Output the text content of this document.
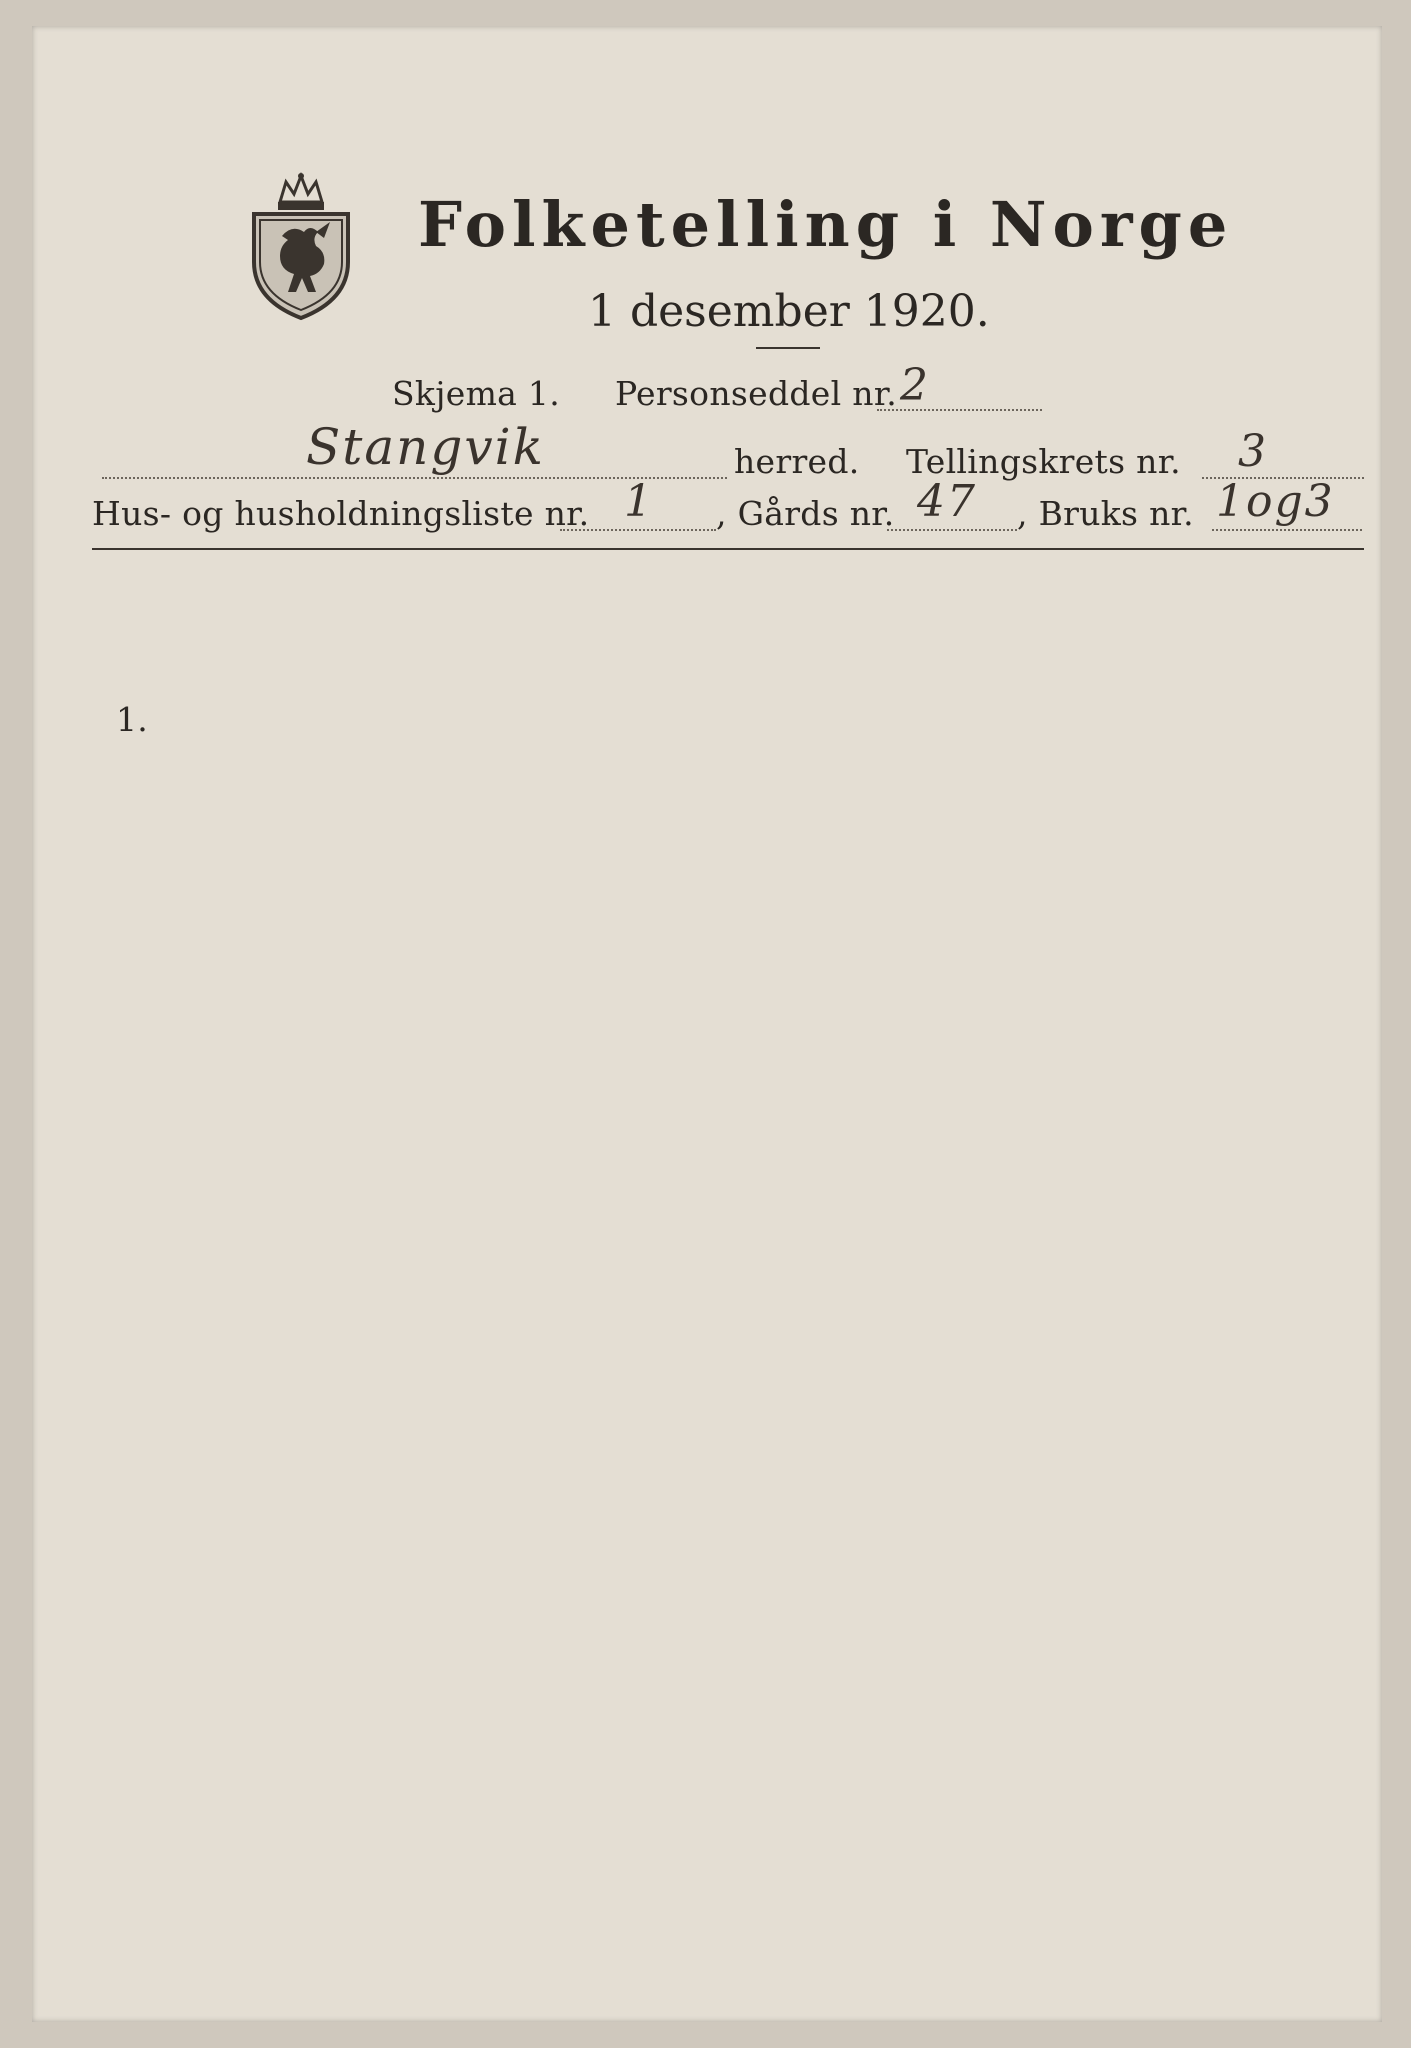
Folketelling i Norge
1 desember 1920.
Skjema 1. Personseddel nr. 2
Stangvik	herred. Tellingskrets nr. 3
Hus- og husholdningsliste nr. 1 , Gårds nr. 47 , Bruks nr. 1og3
1.
